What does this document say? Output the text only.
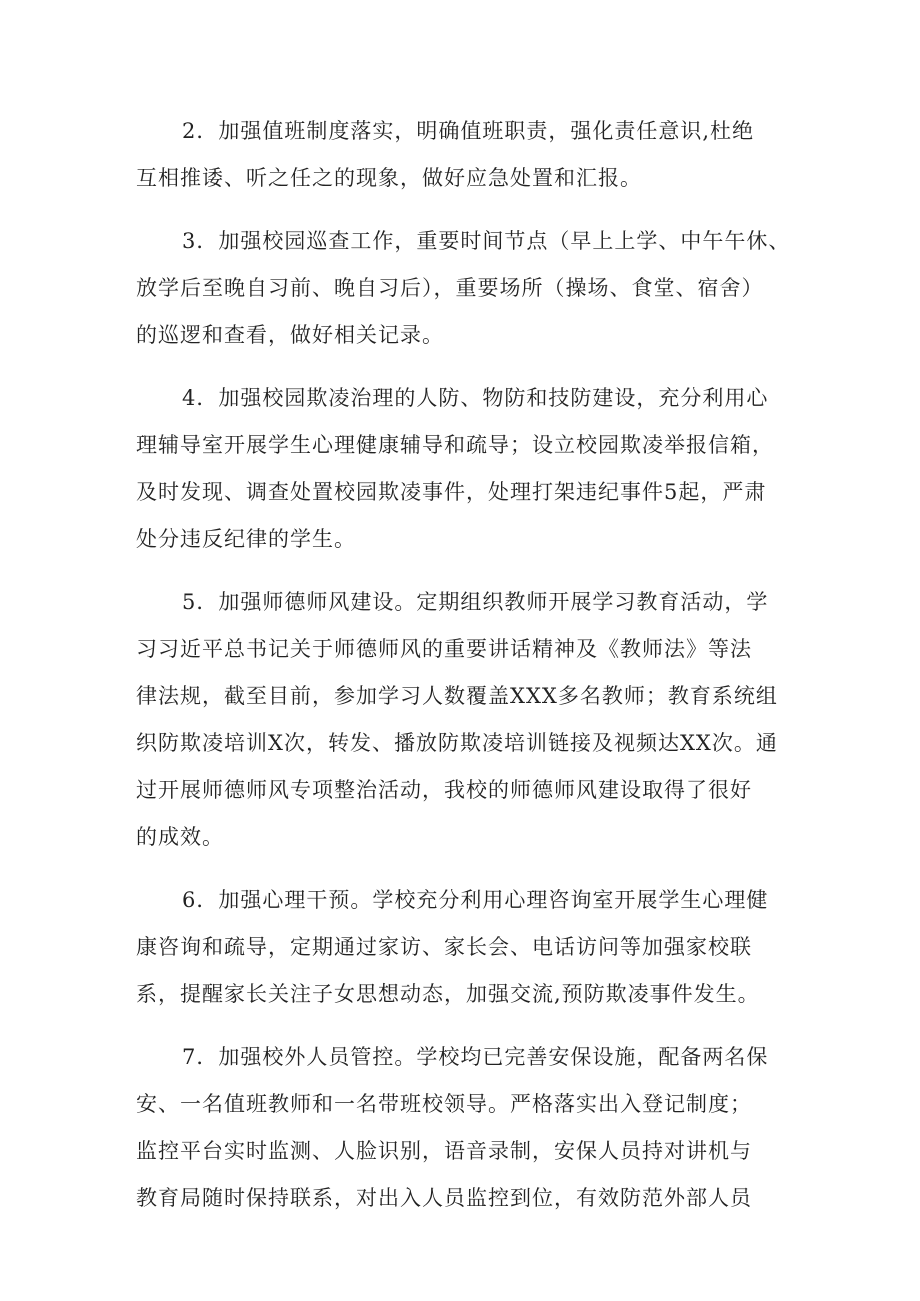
2．加强值班制度落实，明确值班职责，强化责任意识,杜绝
互相推诿、听之任之的现象，做好应急处置和汇报。

3．加强校园巡查工作，重要时间节点（早上上学、中午午休、
放学后至晚自习前、晚自习后），重要场所（操场、食堂、宿舍）
的巡逻和查看，做好相关记录。

4．加强校园欺凌治理的人防、物防和技防建设，充分利用心
理辅导室开展学生心理健康辅导和疏导；设立校园欺凌举报信箱，
及时发现、调查处置校园欺凌事件，处理打架违纪事件5起，严肃
处分违反纪律的学生。

5．加强师德师风建设。定期组织教师开展学习教育活动，学
习习近平总书记关于师德师风的重要讲话精神及《教师法》等法
律法规，截至目前，参加学习人数覆盖XXX多名教师；教育系统组
织防欺凌培训X次，转发、播放防欺凌培训链接及视频达XX次。通
过开展师德师风专项整治活动，我校的师德师风建设取得了很好
的成效。

6．加强心理干预。学校充分利用心理咨询室开展学生心理健
康咨询和疏导，定期通过家访、家长会、电话访问等加强家校联
系，提醒家长关注子女思想动态，加强交流,预防欺凌事件发生。

7．加强校外人员管控。学校均已完善安保设施，配备两名保
安、一名值班教师和一名带班校领导。严格落实出入登记制度；
监控平台实时监测、人脸识别，语音录制，安保人员持对讲机与
教育局随时保持联系，对出入人员监控到位，有效防范外部人员
